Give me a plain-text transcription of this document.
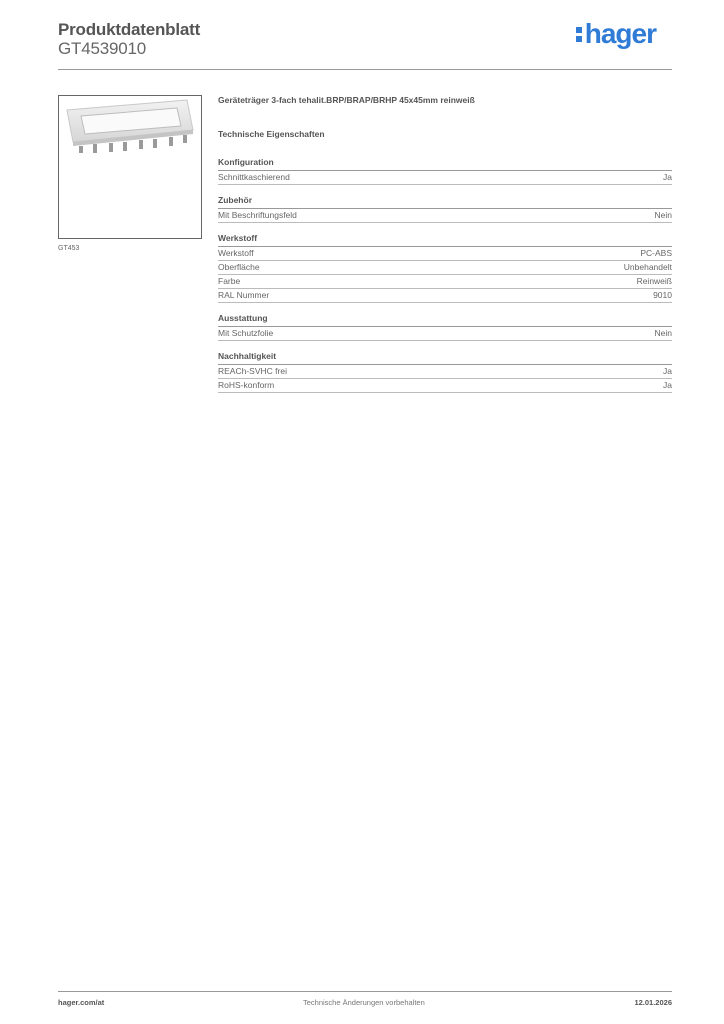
Produktdatenblatt
GT4539010	hager
GT453
Geräteträger 3-fach tehalit.BRP/BRAP/BRHP 45x45mm reinweiß
Technische Eigenschaften
Konfiguration
Schnittkaschierend	Ja
Zubehör
Mit Beschriftungsfeld	Nein
Werkstoff
Werkstoff	PC-ABS
Oberfläche	Unbehandelt
Farbe	Reinweiß
RAL Nummer	9010
Ausstattung
Mit Schutzfolie	Nein
Nachhaltigkeit
REACh-SVHC frei	Ja
RoHS-konform	Ja
hager.com/at	Technische Änderungen vorbehalten	12.01.2026
